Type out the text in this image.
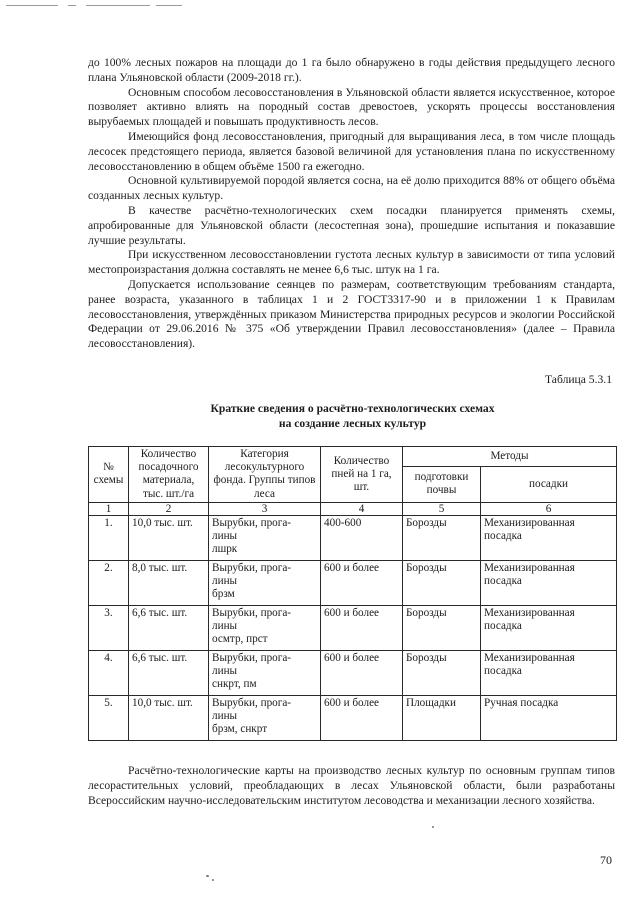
до 100% лесных пожаров на площади до 1 га было обнаружено в годы действия предыдущего лесного плана Ульяновской области (2009-2018 гг.).

Основным способом лесовосстановления в Ульяновской области является искусственное, которое позволяет активно влиять на породный состав древостоев, ускорять процессы восстановления вырубаемых площадей и повышать продуктивность лесов.

Имеющийся фонд лесовосстановления, пригодный для выращивания леса, в том числе площадь лесосек предстоящего периода, является базовой величиной для установления плана по искусственному лесовосстановлению в общем объёме 1500 га ежегодно.

Основной культивируемой породой является сосна, на её долю приходится 88% от общего объёма созданных лесных культур.

В качестве расчётно-технологических схем посадки планируется применять схемы, апробированные для Ульяновской области (лесостепная зона), прошедшие испытания и показавшие лучшие результаты.

При искусственном лесовосстановлении густота лесных культур в зависимости от типа условий местопроизрастания должна составлять не менее 6,6 тыс. штук на 1 га.

Допускается использование сеянцев по размерам, соответствующим требованиям стандарта, ранее возраста, указанного в таблицах 1 и 2 ГОСТ3317-90 и в приложении 1 к Правилам лесовосстановления, утверждённых приказом Министерства природных ресурсов и экологии Российской Федерации от 29.06.2016 № 375 «Об утверждении Правил лесовосстановления» (далее – Правила лесовосстановления).

Таблица 5.3.1
Краткие сведения о расчётно-технологических схемах
на создание лесных культур
№ схемы	Количество посадочного материала, тыс. шт./га	Категория лесокультурного фонда. Группы типов леса	Количество пней на 1 га, шт.	Методы	
				подготовки почвы	посадки
1	2	3	4	5	6
1.	10,0 тыс. шт.	Вырубки, прога-
лины
лшрк	400-600	Борозды	Механизированная посадка
2.	8,0 тыс. шт.	Вырубки, прога-
лины
брзм	600 и более	Борозды	Механизированная посадка
3.	6,6 тыс. шт.	Вырубки, прога-
лины
осмтр, прст	600 и более	Борозды	Механизированная посадка
4.	6,6 тыс. шт.	Вырубки, прога-
лины
снкрт, пм	600 и более	Борозды	Механизированная посадка
5.	10,0 тыс. шт.	Вырубки, прога-
лины
брзм, снкрт	600 и более	Площадки	Ручная посадка

Расчётно-технологические карты на производство лесных культур по основным группам типов лесорастительных условий, преобладающих в лесах Ульяновской области, были разработаны Всероссийским научно-исследовательским институтом лесоводства и механизации лесного хозяйства.

70
